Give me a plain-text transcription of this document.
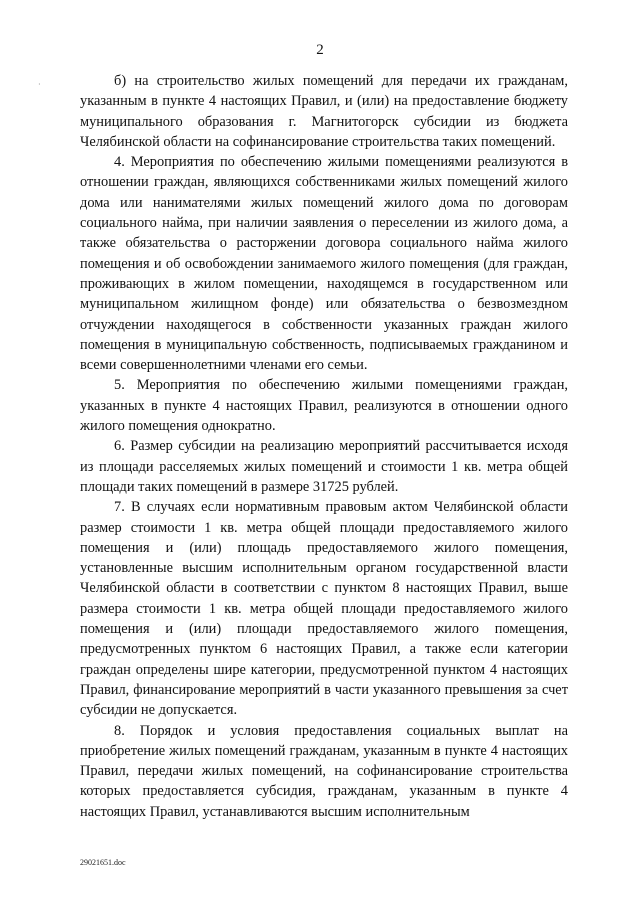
2
·	б) на строительство жилых помещений для передачи их гражданам, указанным в пункте 4 настоящих Правил, и (или) на предоставление бюджету муниципального образования г. Магнитогорск субсидии из бюджета Челябинской области на софинансирование строительства таких помещений.

4. Мероприятия по обеспечению жилыми помещениями реализуются в отношении граждан, являющихся собственниками жилых помещений жилого дома или нанимателями жилых помещений жилого дома по договорам социального найма, при наличии заявления о переселении из жилого дома, а также обязательства о расторжении договора социального найма жилого помещения и об освобождении занимаемого жилого помещения (для граждан, проживающих в жилом помещении, находящемся в государственном или муниципальном жилищном фонде) или обязательства о безвозмездном отчуждении находящегося в собственности указанных граждан жилого помещения в муниципальную собственность, подписываемых гражданином и всеми совершеннолетними членами его семьи.

5. Мероприятия по обеспечению жилыми помещениями граждан, указанных в пункте 4 настоящих Правил, реализуются в отношении одного жилого помещения однократно.

6. Размер субсидии на реализацию мероприятий рассчитывается исходя из площади расселяемых жилых помещений и стоимости 1 кв. метра общей площади таких помещений в размере 31725 рублей.

7. В случаях если нормативным правовым актом Челябинской области размер стоимости 1 кв. метра общей площади предоставляемого жилого помещения и (или) площадь предоставляемого жилого помещения, установленные высшим исполнительным органом государственной власти Челябинской области в соответствии с пунктом 8 настоящих Правил, выше размера стоимости 1 кв. метра общей площади предоставляемого жилого помещения и (или) площади предоставляемого жилого помещения, предусмотренных пунктом 6 настоящих Правил, а также если категории граждан определены шире категории, предусмотренной пунктом 4 настоящих Правил, финансирование мероприятий в части указанного превышения за счет субсидии не допускается.

8. Порядок и условия предоставления социальных выплат на приобретение жилых помещений гражданам, указанным в пункте 4 настоящих Правил, передачи жилых помещений, на софинансирование строительства которых предоставляется субсидия, гражданам, указанным в пункте 4 настоящих Правил, устанавливаются высшим исполнительным

29021651.doc
